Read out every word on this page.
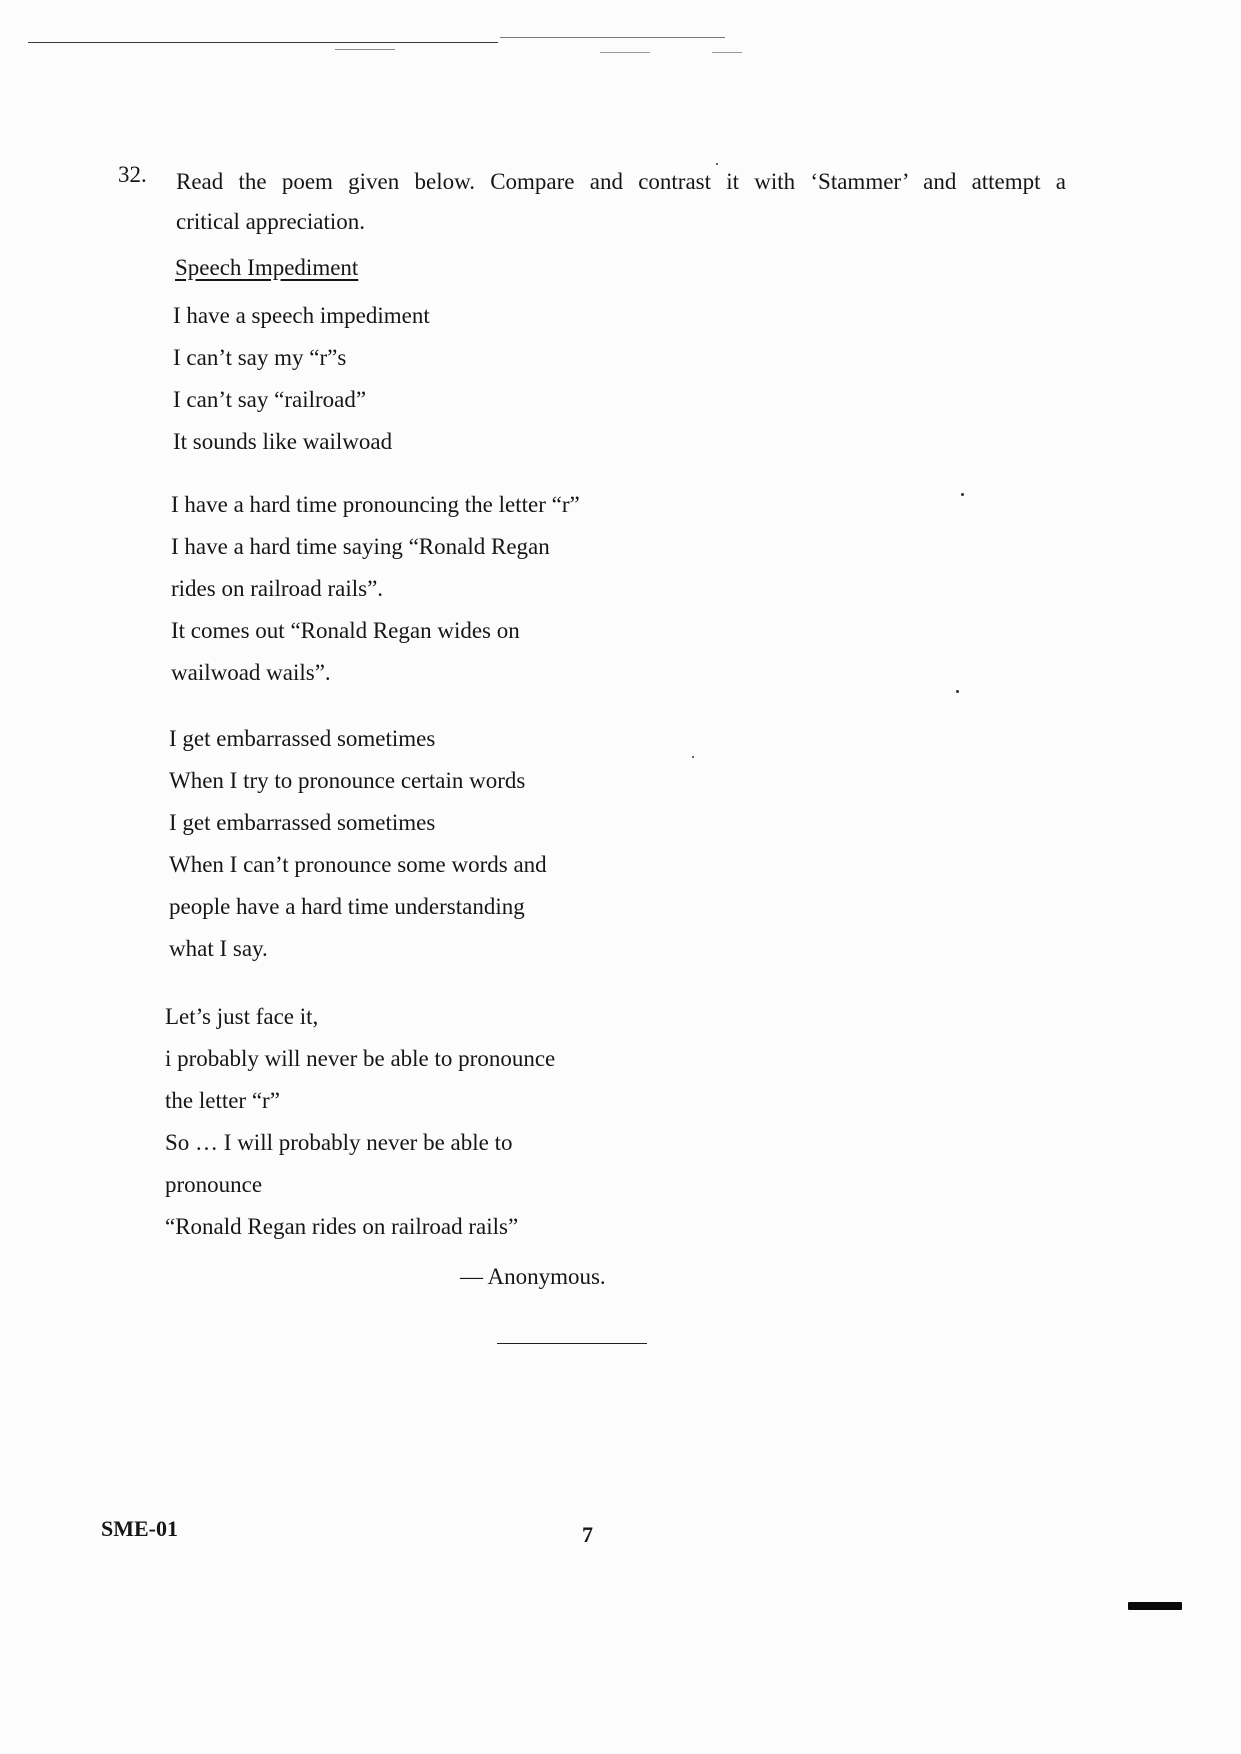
32. Read the poem given below. Compare and contrast it with ‘Stammer’ and attempt a
critical appreciation.
Speech Impediment
I have a speech impediment
I can’t say my “r”s
I can’t say “railroad”
It sounds like wailwoad
I have a hard time pronouncing the letter “r”
I have a hard time saying “Ronald Regan
rides on railroad rails”.
It comes out “Ronald Regan wides on
wailwoad wails”.
I get embarrassed sometimes
When I try to pronounce certain words
I get embarrassed sometimes
When I can’t pronounce some words and
people have a hard time understanding
what I say.
Let’s just face it,
i probably will never be able to pronounce
the letter “r”
So … I will probably never be able to
pronounce
“Ronald Regan rides on railroad rails”
— Anonymous.
SME-01	7
